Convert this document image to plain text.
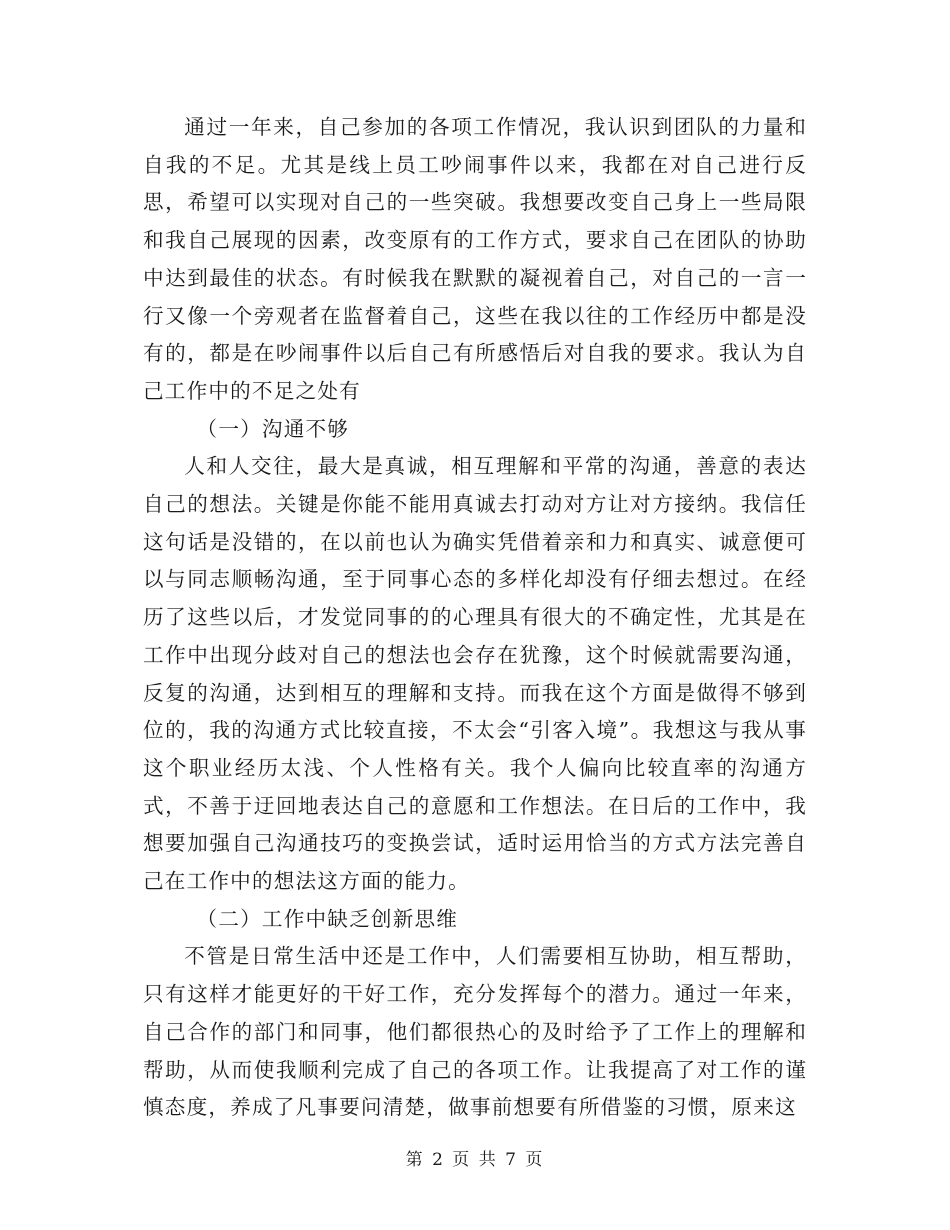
通过一年来，自己参加的各项工作情况，我认识到团队的力量和自我的不足。尤其是线上员工吵闹事件以来，我都在对自己进行反思，希望可以实现对自己的一些突破。我想要改变自己身上一些局限和我自己展现的因素，改变原有的工作方式，要求自己在团队的协助中达到最佳的状态。有时候我在默默的凝视着自己，对自己的一言一行又像一个旁观者在监督着自己，这些在我以往的工作经历中都是没有的，都是在吵闹事件以后自己有所感悟后对自我的要求。我认为自己工作中的不足之处有

（一）沟通不够

人和人交往，最大是真诚，相互理解和平常的沟通，善意的表达自己的想法。关键是你能不能用真诚去打动对方让对方接纳。我信任这句话是没错的，在以前也认为确实凭借着亲和力和真实、诚意便可以与同志顺畅沟通，至于同事心态的多样化却没有仔细去想过。在经历了这些以后，才发觉同事的的心理具有很大的不确定性，尤其是在工作中出现分歧对自己的想法也会存在犹豫，这个时候就需要沟通，反复的沟通，达到相互的理解和支持。而我在这个方面是做得不够到位的，我的沟通方式比较直接，不太会“引客入境”。我想这与我从事这个职业经历太浅、个人性格有关。我个人偏向比较直率的沟通方式，不善于迂回地表达自己的意愿和工作想法。在日后的工作中，我想要加强自己沟通技巧的变换尝试，适时运用恰当的方式方法完善自己在工作中的想法这方面的能力。

（二）工作中缺乏创新思维

不管是日常生活中还是工作中，人们需要相互协助，相互帮助，只有这样才能更好的干好工作，充分发挥每个的潜力。通过一年来，自己合作的部门和同事，他们都很热心的及时给予了工作上的理解和帮助，从而使我顺利完成了自己的各项工作。让我提高了对工作的谨慎态度，养成了凡事要问清楚，做事前想要有所借鉴的习惯，原来这

第 2 页 共 7 页
